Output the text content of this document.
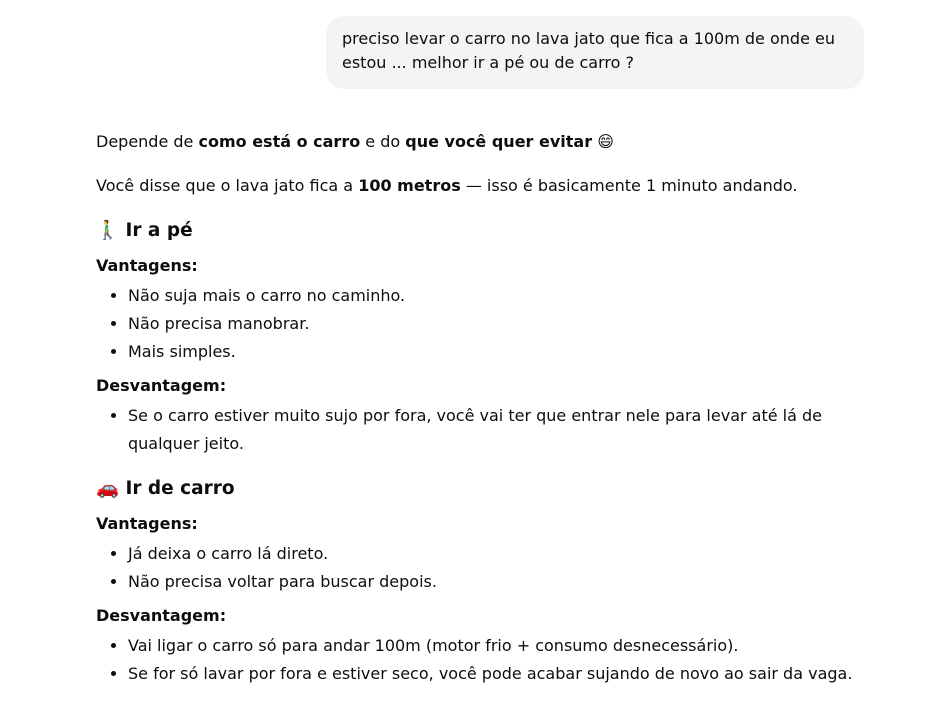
preciso levar o carro no lava jato que fica a 100m de onde eu estou ... melhor ir a pé ou de carro ?

Depende de como está o carro e do que você quer evitar 😄

Você disse que o lava jato fica a 100 metros — isso é basicamente 1 minuto andando.

🚶‍♂️ Ir a pé
Vantagens:
• Não suja mais o carro no caminho.
• Não precisa manobrar.
• Mais simples.
Desvantagem:
• Se o carro estiver muito sujo por fora, você vai ter que entrar nele para levar até lá de qualquer jeito.
🚗 Ir de carro
Vantagens:
• Já deixa o carro lá direto.
• Não precisa voltar para buscar depois.
Desvantagem:
• Vai ligar o carro só para andar 100m (motor frio + consumo desnecessário).
• Se for só lavar por fora e estiver seco, você pode acabar sujando de novo ao sair da vaga.
